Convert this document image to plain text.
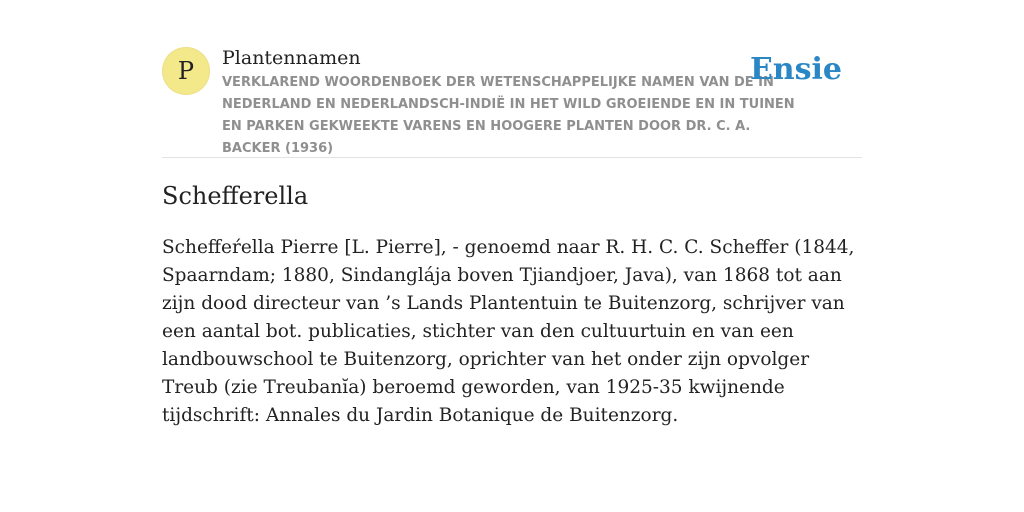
P Plantennamen
VERKLAREND WOORDENBOEK DER WETENSCHAPPELIJKE NAMEN VAN DE IN NEDERLAND EN NEDERLANDSCH-INDIË IN HET WILD GROEIENDE EN IN TUINEN EN PARKEN GEKWEEKTE VARENS EN HOOGERE PLANTEN DOOR DR. C. A. BACKER (1936)
Ensie
Schefferella

Scheffeŕella Pierre [L. Pierre], - genoemd naar R. H. C. C. Scheffer (1844, Spaarndam; 1880, Sindanglája boven Tjiandjoer, Java), van 1868 tot aan zijn dood directeur van ’s Lands Plantentuin te Buitenzorg, schrijver van een aantal bot. publicaties, stichter van den cultuurtuin en van een landbouwschool te Buitenzorg, oprichter van het onder zijn opvolger Treub (zie Treubanĭa) beroemd geworden, van 1925-35 kwijnende tijdschrift: Annales du Jardin Botanique de Buitenzorg.
